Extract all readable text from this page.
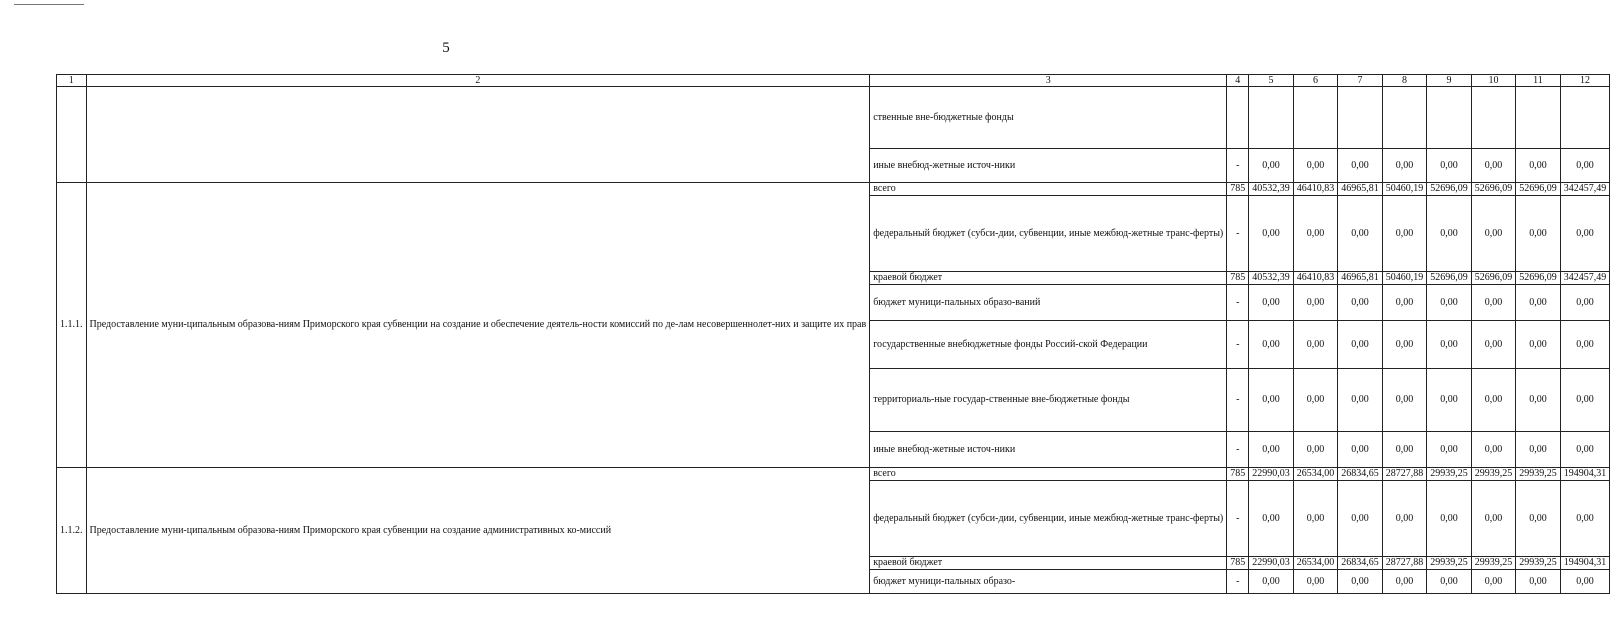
5
1	2	3	4	5	6	7	8	9	10	11	12
		ственные вне-бюджетные фонды									
		иные внебюд-жетные источ-ники	-	0,00	0,00	0,00	0,00	0,00	0,00	0,00	0,00
1.1.1.	Предоставление муни-ципальным образова-ниям Приморского края субвенции на создание и обеспечение деятель-ности комиссий по де-лам несовершеннолет-них и защите их прав	всего	785	40532,39	46410,83	46965,81	50460,19	52696,09	52696,09	52696,09	342457,49
		федеральный бюджет (субси-дии, субвенции, иные межбюд-жетные транс-ферты)	-	0,00	0,00	0,00	0,00	0,00	0,00	0,00	0,00
		краевой бюджет	785	40532,39	46410,83	46965,81	50460,19	52696,09	52696,09	52696,09	342457,49
		бюджет муници-пальных образо-ваний	-	0,00	0,00	0,00	0,00	0,00	0,00	0,00	0,00
		государственные внебюджетные фонды Россий-ской Федерации	-	0,00	0,00	0,00	0,00	0,00	0,00	0,00	0,00
		территориаль-ные государ-ственные вне-бюджетные фонды	-	0,00	0,00	0,00	0,00	0,00	0,00	0,00	0,00
		иные внебюд-жетные источ-ники	-	0,00	0,00	0,00	0,00	0,00	0,00	0,00	0,00
1.1.2.	Предоставление муни-ципальным образова-ниям Приморского края субвенции на создание административных ко-миссий	всего	785	22990,03	26534,00	26834,65	28727,88	29939,25	29939,25	29939,25	194904,31
		федеральный бюджет (субси-дии, субвенции, иные межбюд-жетные транс-ферты)	-	0,00	0,00	0,00	0,00	0,00	0,00	0,00	0,00
		краевой бюджет	785	22990,03	26534,00	26834,65	28727,88	29939,25	29939,25	29939,25	194904,31
		бюджет муници-пальных образо-	-	0,00	0,00	0,00	0,00	0,00	0,00	0,00	0,00
